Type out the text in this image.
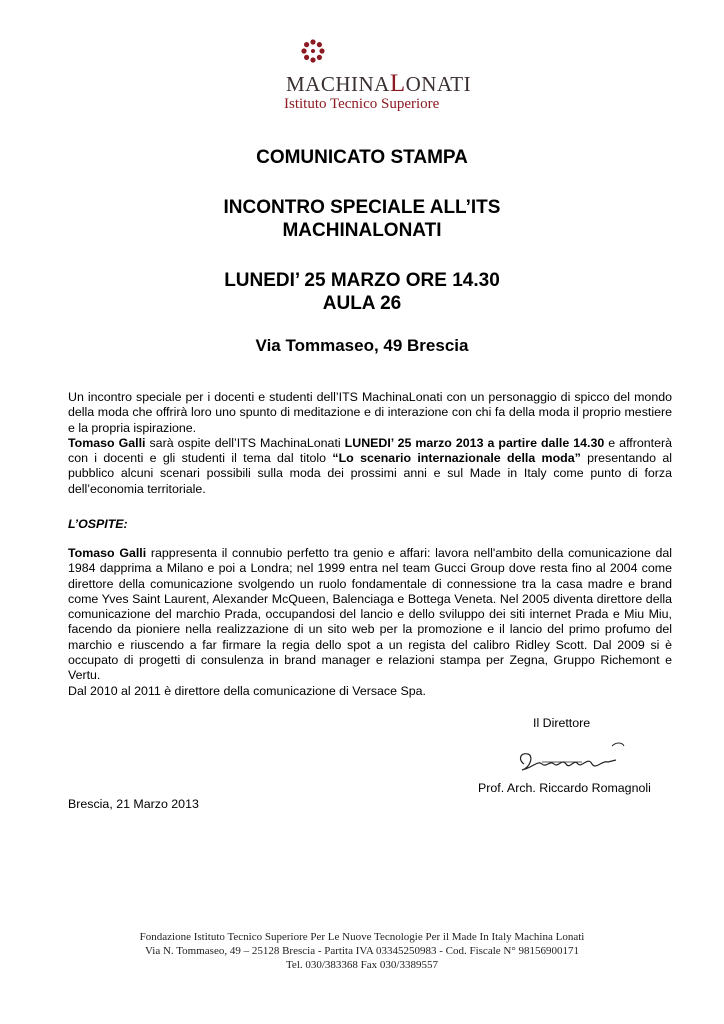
MACHINALONATI
Istituto Tecnico Superiore
COMUNICATO STAMPA
INCONTRO SPECIALE ALL’ITS
MACHINALONATI
LUNEDI’ 25 MARZO ORE 14.30
AULA 26
Via Tommaseo, 49 Brescia
Un incontro speciale per i docenti e studenti dell’ITS MachinaLonati con un personaggio di spicco del mondo della moda che offrirà loro uno spunto di meditazione e di interazione con chi fa della moda il proprio mestiere e la propria ispirazione.
Tomaso Galli sarà ospite dell’ITS MachinaLonati LUNEDI’ 25 marzo 2013 a partire dalle 14.30 e affronterà con i docenti e gli studenti il tema dal titolo “Lo scenario internazionale della moda” presentando al pubblico alcuni scenari possibili sulla moda dei prossimi anni e sul Made in Italy come punto di forza dell’economia territoriale.
L’OSPITE:
Tomaso Galli rappresenta il connubio perfetto tra genio e affari: lavora nell'ambito della comunicazione dal 1984 dapprima a Milano e poi a Londra; nel 1999 entra nel team Gucci Group dove resta fino al 2004 come direttore della comunicazione svolgendo un ruolo fondamentale di connessione tra la casa madre e brand come Yves Saint Laurent, Alexander McQueen, Balenciaga e Bottega Veneta. Nel 2005 diventa direttore della comunicazione del marchio Prada, occupandosi del lancio e dello sviluppo dei siti internet Prada e Miu Miu, facendo da pioniere nella realizzazione di un sito web per la promozione e il lancio del primo profumo del marchio e riuscendo a far firmare la regia dello spot a un regista del calibro Ridley Scott. Dal 2009 si è occupato di progetti di consulenza in brand manager e relazioni stampa per Zegna, Gruppo Richemont e Vertu.
Dal 2010 al 2011 è direttore della comunicazione di Versace Spa.
Il Direttore
Prof. Arch. Riccardo Romagnoli
Brescia, 21 Marzo 2013
Fondazione Istituto Tecnico Superiore Per Le Nuove Tecnologie Per il Made In Italy Machina Lonati
Via N. Tommaseo, 49 – 25128 Brescia - Partita IVA 03345250983 - Cod. Fiscale N° 98156900171
Tel. 030/383368 Fax 030/3389557
